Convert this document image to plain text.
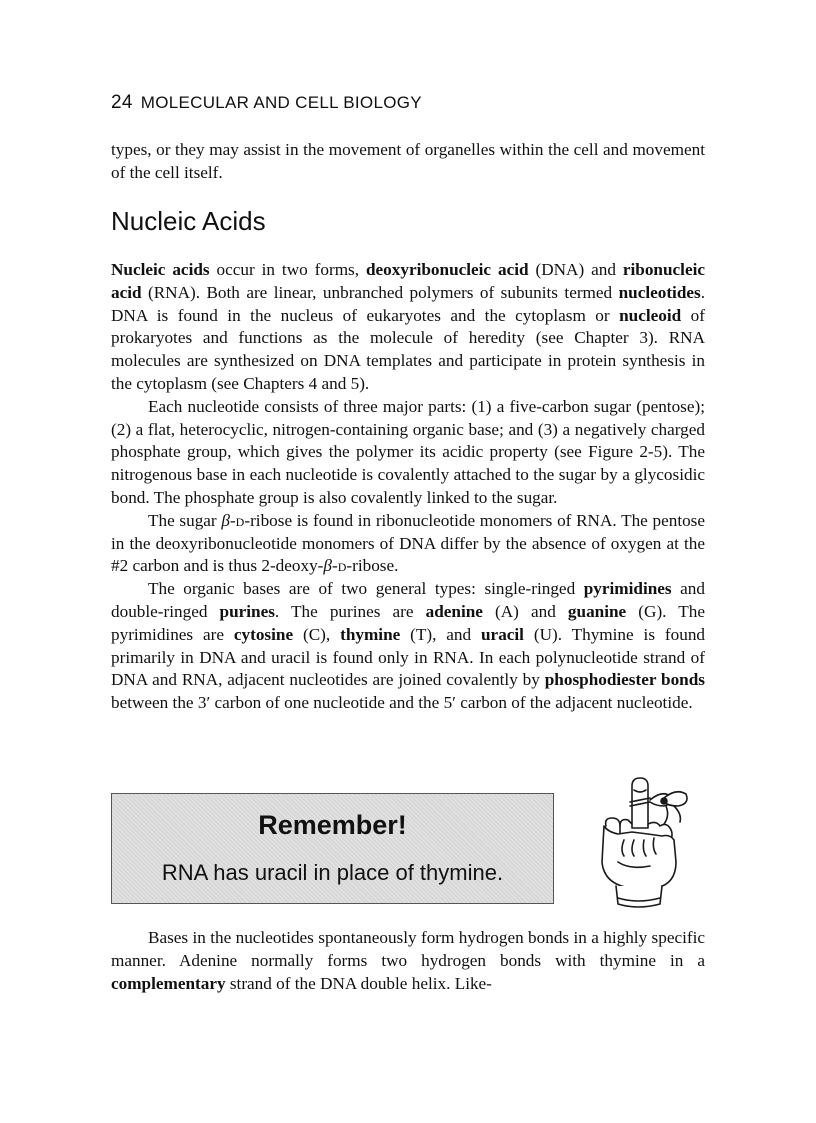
24 MOLECULAR AND CELL BIOLOGY

types, or they may assist in the movement of organelles within the cell and movement of the cell itself.

Nucleic Acids

Nucleic acids occur in two forms, deoxyribonucleic acid (DNA) and ribonucleic acid (RNA). Both are linear, unbranched polymers of subunits termed nucleotides. DNA is found in the nucleus of eukaryotes and the cytoplasm or nucleoid of prokaryotes and functions as the molecule of heredity (see Chapter 3). RNA molecules are synthesized on DNA templates and participate in protein synthesis in the cytoplasm (see Chapters 4 and 5).

Each nucleotide consists of three major parts: (1) a five-carbon sugar (pentose); (2) a flat, heterocyclic, nitrogen-containing organic base; and (3) a negatively charged phosphate group, which gives the polymer its acidic property (see Figure 2-5). The nitrogenous base in each nucleotide is covalently attached to the sugar by a glycosidic bond. The phosphate group is also covalently linked to the sugar.

The sugar β-d-ribose is found in ribonucleotide monomers of RNA. The pentose in the deoxyribonucleotide monomers of DNA differ by the absence of oxygen at the #2 carbon and is thus 2-deoxy-β-d-ribose.

The organic bases are of two general types: single-ringed pyrimidines and double-ringed purines. The purines are adenine (A) and guanine (G). The pyrimidines are cytosine (C), thymine (T), and uracil (U). Thymine is found primarily in DNA and uracil is found only in RNA. In each polynucleotide strand of DNA and RNA, adjacent nucleotides are joined covalently by phosphodiester bonds between the 3′ carbon of one nucleotide and the 5′ carbon of the adjacent nucleotide.

Remember!
RNA has uracil in place of thymine.

Bases in the nucleotides spontaneously form hydrogen bonds in a highly specific manner. Adenine normally forms two hydrogen bonds with thymine in a complementary strand of the DNA double helix. Like-
